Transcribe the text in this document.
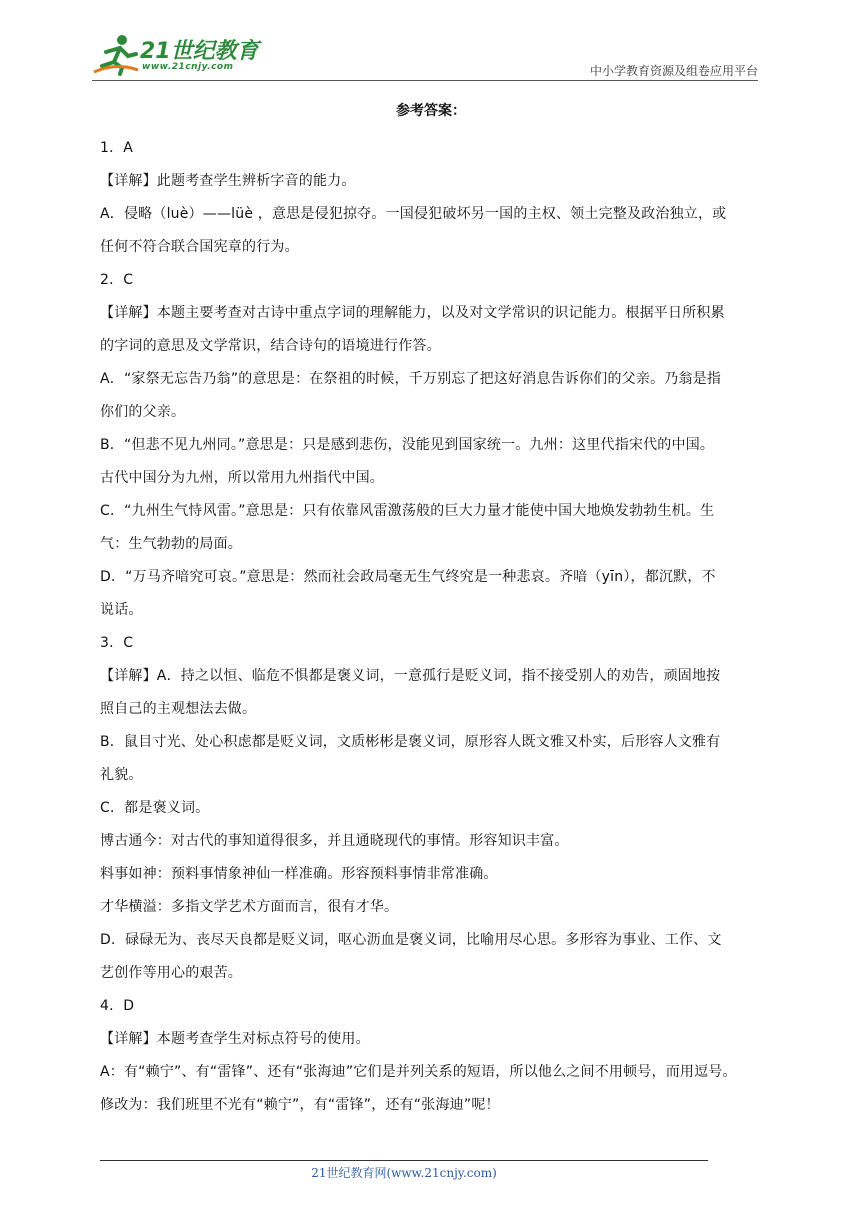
21世纪教育
www.21cnjy.com	中小学教育资源及组卷应用平台

参考答案：

1．A

【详解】此题考查学生辨析字音的能力。

A．侵略（luè）——lüè ，意思是侵犯掠夺。一国侵犯破坏另一国的主权、领土完整及政治独立，或

任何不符合联合国宪章的行为。

2．C

【详解】本题主要考查对古诗中重点字词的理解能力，以及对文学常识的识记能力。根据平日所积累

的字词的意思及文学常识，结合诗句的语境进行作答。

A．“家祭无忘告乃翁”的意思是：在祭祖的时候，千万别忘了把这好消息告诉你们的父亲。乃翁是指

你们的父亲。

B．“但悲不见九州同。”意思是：只是感到悲伤，没能见到国家统一。九州：这里代指宋代的中国。

古代中国分为九州，所以常用九州指代中国。

C．“九州生气恃风雷。”意思是：只有依靠风雷激荡般的巨大力量才能使中国大地焕发勃勃生机。生

气：生气勃勃的局面。

D．“万马齐喑究可哀。”意思是：然而社会政局毫无生气终究是一种悲哀。齐喑（yīn），都沉默，不

说话。

3．C

【详解】A．持之以恒、临危不惧都是褒义词，一意孤行是贬义词，指不接受别人的劝告，顽固地按

照自己的主观想法去做。

B．鼠目寸光、处心积虑都是贬义词，文质彬彬是褒义词，原形容人既文雅又朴实，后形容人文雅有

礼貌。

C．都是褒义词。

博古通今：对古代的事知道得很多，并且通晓现代的事情。形容知识丰富。

料事如神：预料事情象神仙一样准确。形容预料事情非常准确。

才华横溢：多指文学艺术方面而言，很有才华。

D．碌碌无为、丧尽天良都是贬义词，呕心沥血是褒义词，比喻用尽心思。多形容为事业、工作、文

艺创作等用心的艰苦。

4．D

【详解】本题考查学生对标点符号的使用。

A：有“赖宁”、有“雷锋”、还有“张海迪”它们是并列关系的短语，所以他么之间不用顿号，而用逗号。

修改为：我们班里不光有“赖宁”，有“雷锋”，还有“张海迪”呢！

21世纪教育网(www.21cnjy.com)
